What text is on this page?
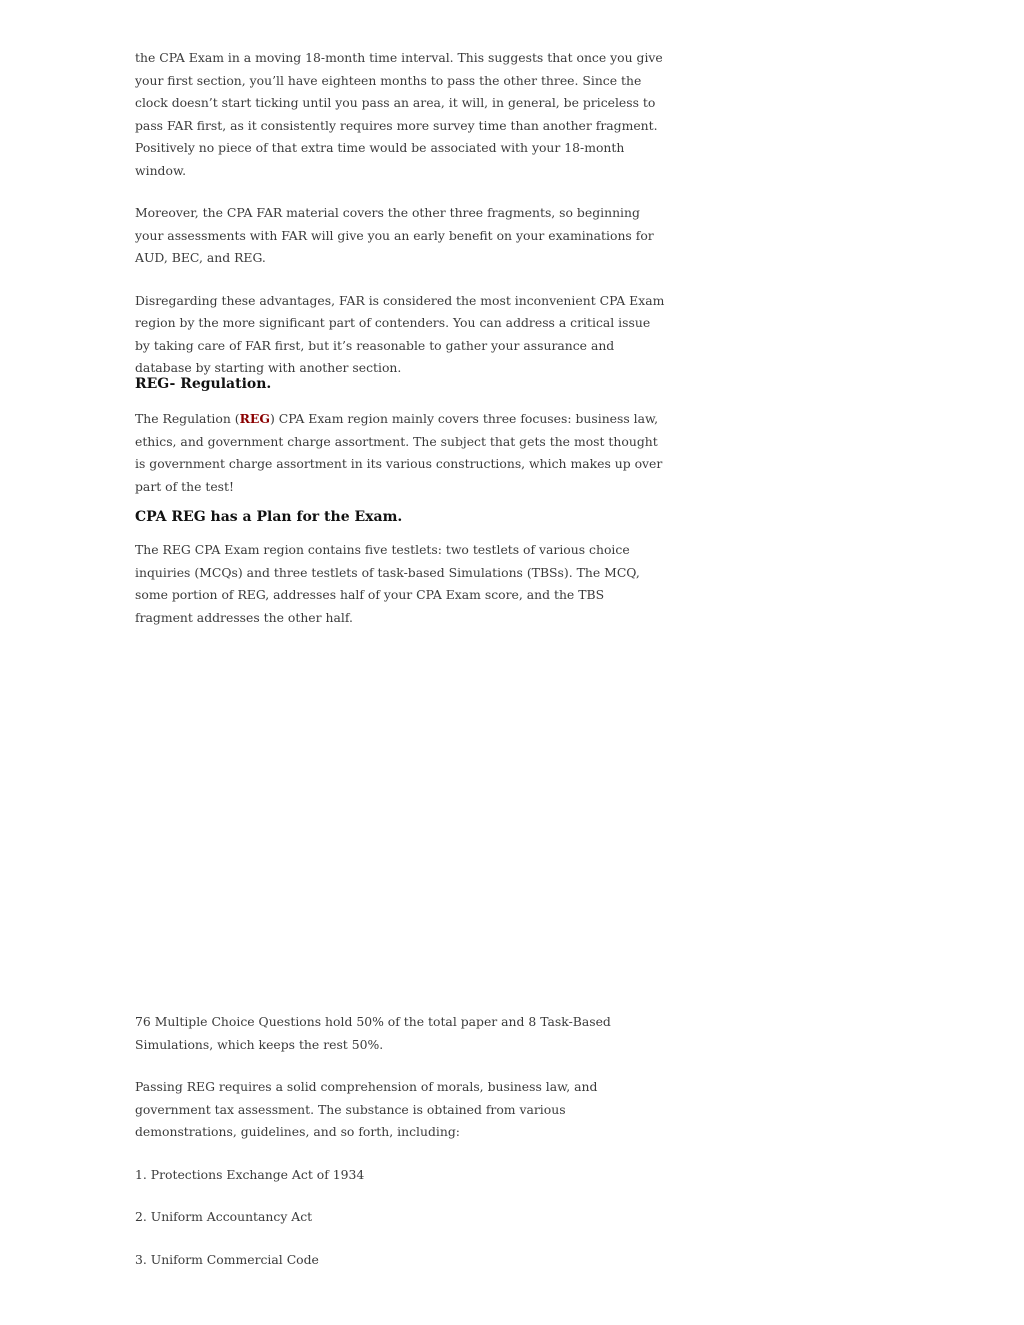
the CPA Exam in a moving 18-month time interval. This suggests that once you give your first section, you’ll have eighteen months to pass the other three. Since the clock doesn’t start ticking until you pass an area, it will, in general, be priceless to pass FAR first, as it consistently requires more survey time than another fragment. Positively no piece of that extra time would be associated with your 18-month window.

Moreover, the CPA FAR material covers the other three fragments, so beginning your assessments with FAR will give you an early benefit on your examinations for AUD, BEC, and REG.

Disregarding these advantages, FAR is considered the most inconvenient CPA Exam region by the more significant part of contenders. You can address a critical issue by taking care of FAR first, but it’s reasonable to gather your assurance and database by starting with another section.

REG- Regulation.

The Regulation (REG) CPA Exam region mainly covers three focuses: business law, ethics, and government charge assortment. The subject that gets the most thought is government charge assortment in its various constructions, which makes up over part of the test!

CPA REG has a Plan for the Exam.

The REG CPA Exam region contains five testlets: two testlets of various choice inquiries (MCQs) and three testlets of task-based Simulations (TBSs). The MCQ, some portion of REG, addresses half of your CPA Exam score, and the TBS fragment addresses the other half.

76 Multiple Choice Questions hold 50% of the total paper and 8 Task-Based Simulations, which keeps the rest 50%.

Passing REG requires a solid comprehension of morals, business law, and government tax assessment. The substance is obtained from various demonstrations, guidelines, and so forth, including:

1. Protections Exchange Act of 1934

2. Uniform Accountancy Act

3. Uniform Commercial Code
